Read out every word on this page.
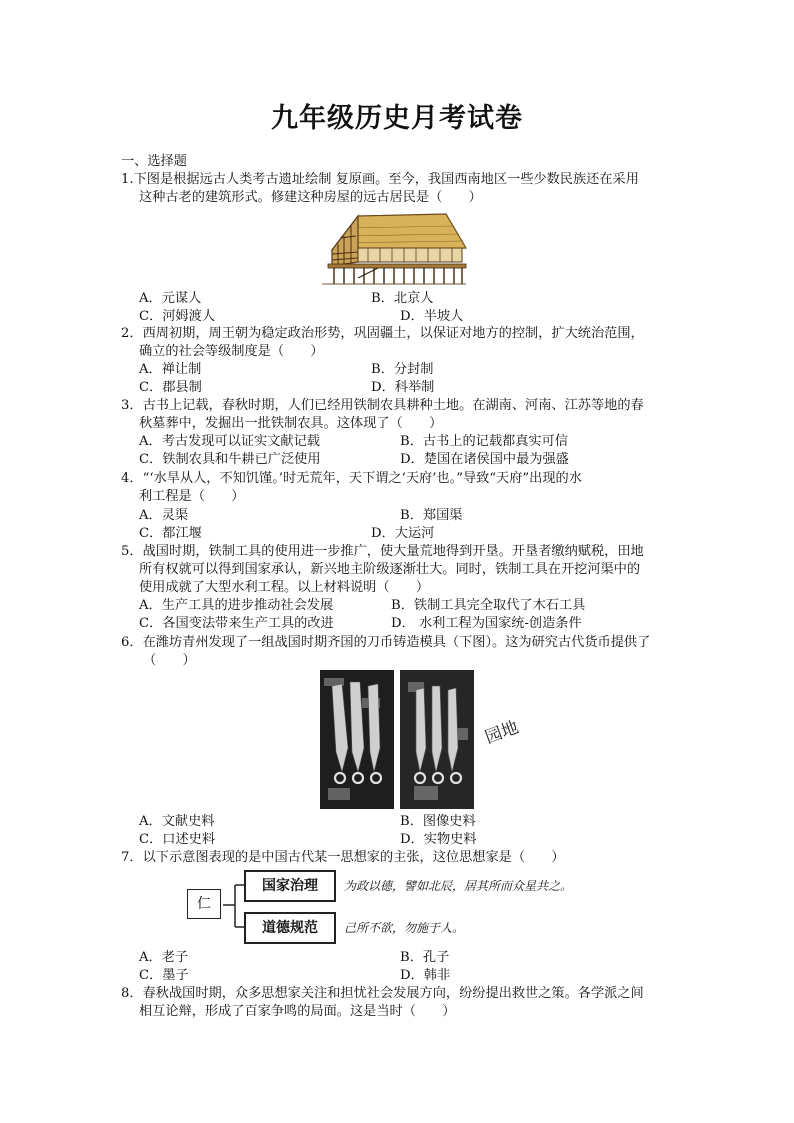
九年级历史月考试卷
一、选择题
1.下图是根据远古人类考古遗址绘制 复原画。至今，我国西南地区一些少数民族还在采用
这种古老的建筑形式。修建这种房屋的远古居民是（　　）
A．元谋人	B．北京人
C．河姆渡人	D．半坡人
2．西周初期，周王朝为稳定政治形势，巩固疆土，以保证对地方的控制，扩大统治范围，
确立的社会等级制度是（　　）
A．禅让制	B．分封制
C．郡县制	D．科举制
3．古书上记载，春秋时期，人们已经用铁制农具耕种土地。在湖南、河南、江苏等地的春
秋墓葬中，发掘出一批铁制农具。这体现了（　　）
A．考古发现可以证实文献记载	B．古书上的记载都真实可信
C．铁制农具和牛耕已广泛使用	D．楚国在诸侯国中最为强盛
4．“‘水旱从人，不知饥馑。’时无荒年，天下谓之‘天府’也。”导致“天府”出现的水
利工程是（　　）
A．灵渠	B．郑国渠
C．都江堰	D．大运河
5．战国时期，铁制工具的使用进一步推广，使大量荒地得到开垦。开垦者缴纳赋税，田地
所有权就可以得到国家承认，新兴地主阶级逐渐壮大。同时，铁制工具在开挖河渠中的
使用成就了大型水利工程。以上材料说明（　　）
A．生产工具的进步推动社会发展	B．铁制工具完全取代了木石工具
C．各国变法带来生产工具的改进	D． 水利工程为国家统-创造条件
6．在潍坊青州发现了一组战国时期齐国的刀币铸造模具（下图）。这为研究古代货币提供了
（　　）
园地
A．文献史料	B．图像史料
C．口述史料	D．实物史料
7．以下示意图表现的是中国古代某一思想家的主张，这位思想家是（　　）
仁
国家治理
道德规范
为政以德，譬如北辰，居其所而众星共之。
己所不欲，勿施于人。
A．老子	B．孔子
C．墨子	D．韩非
8．春秋战国时期，众多思想家关注和担忧社会发展方向，纷纷提出救世之策。各学派之间
相互论辩，形成了百家争鸣的局面。这是当时（　　）
